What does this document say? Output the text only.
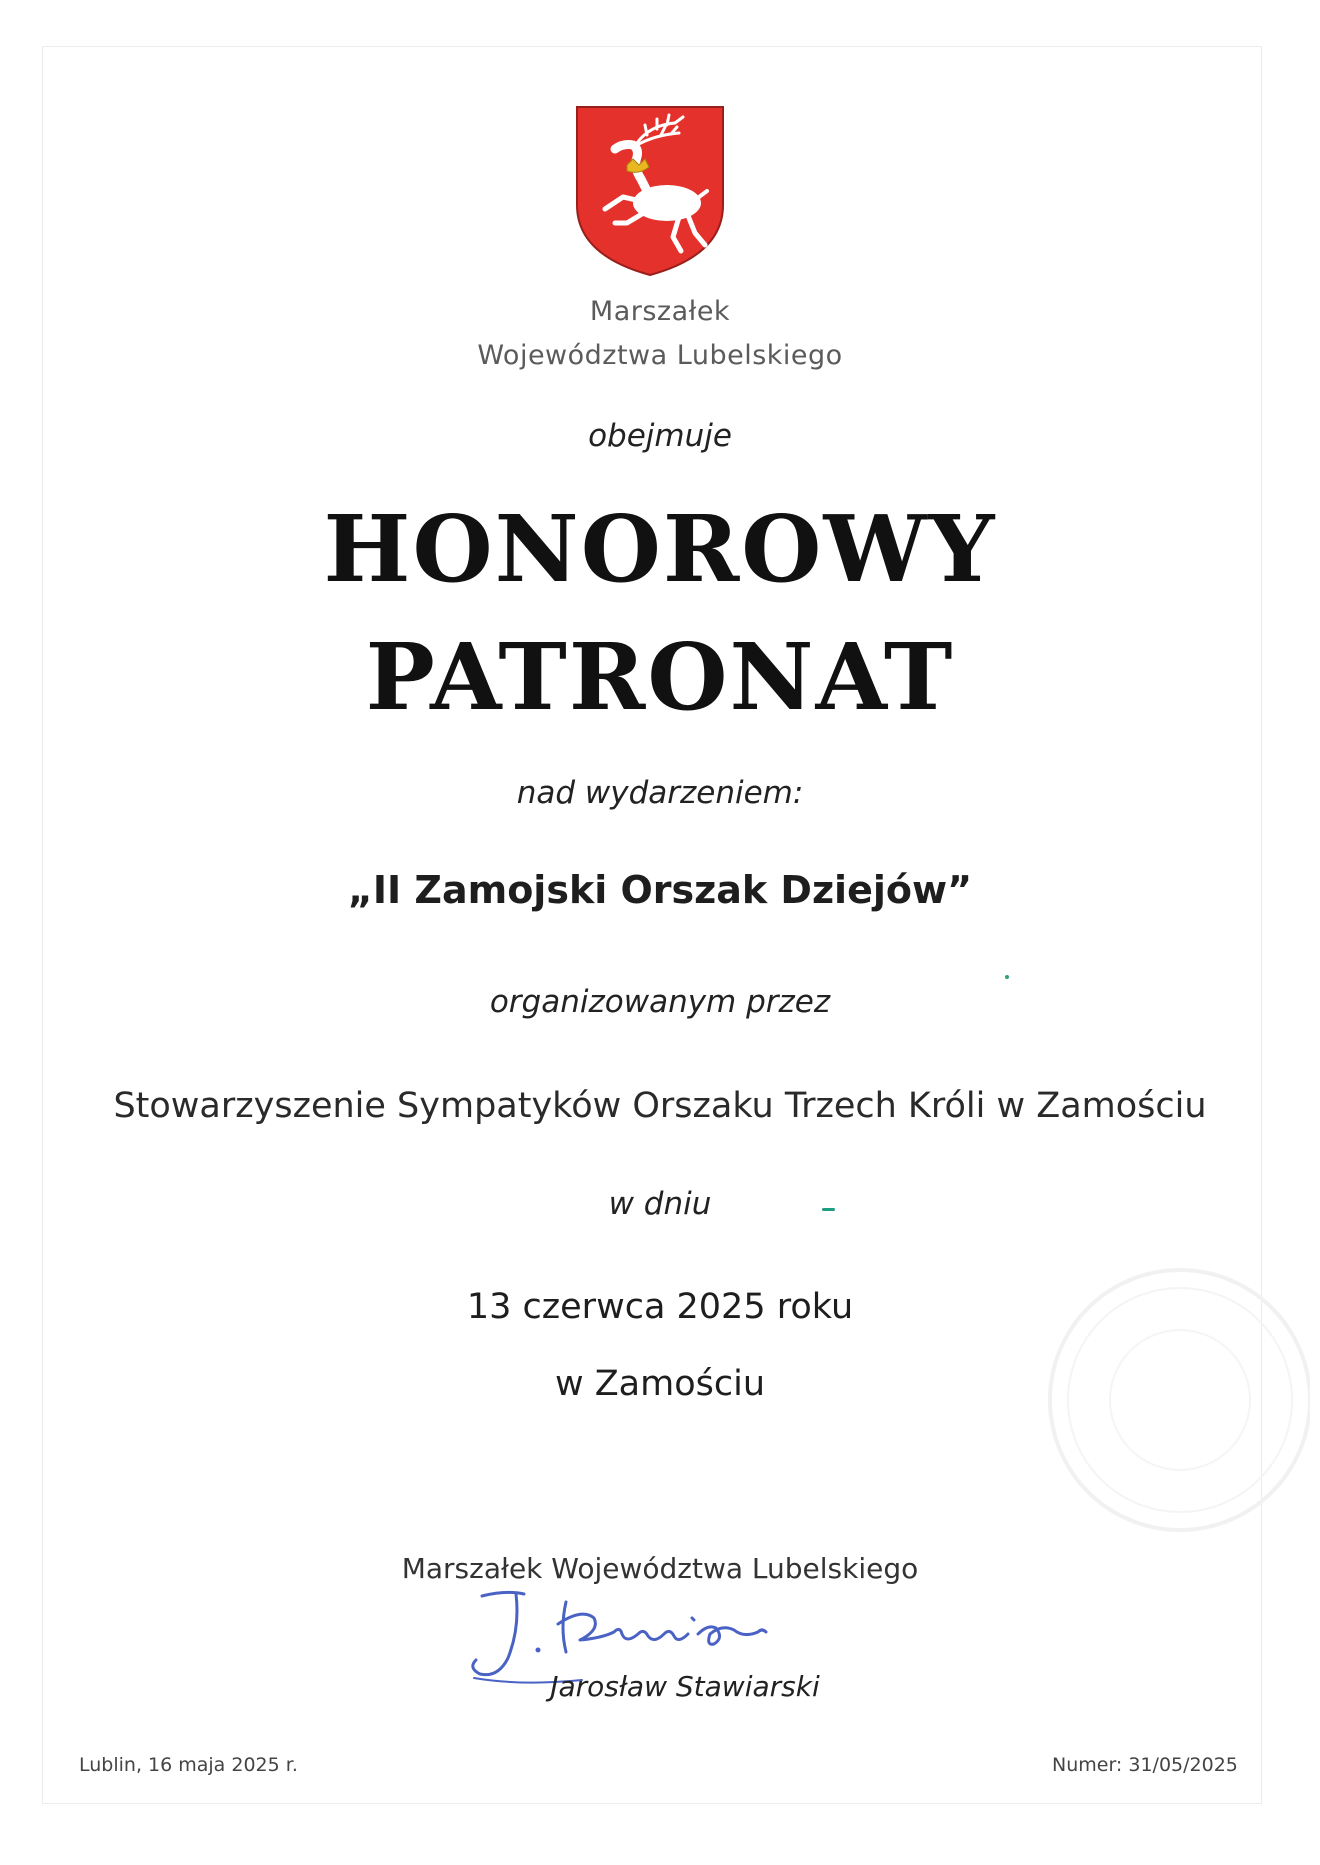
Marszałek
Województwa Lubelskiego
obejmuje
HONOROWY
PATRONAT
nad wydarzeniem:
„II Zamojski Orszak Dziejów”
organizowanym przez
Stowarzyszenie Sympatyków Orszaku Trzech Króli w Zamościu
w dniu
13 czerwca 2025 roku
w Zamościu
Marszałek Województwa Lubelskiego
Jarosław Stawiarski
Lublin, 16 maja 2025 r.	Numer: 31/05/2025
